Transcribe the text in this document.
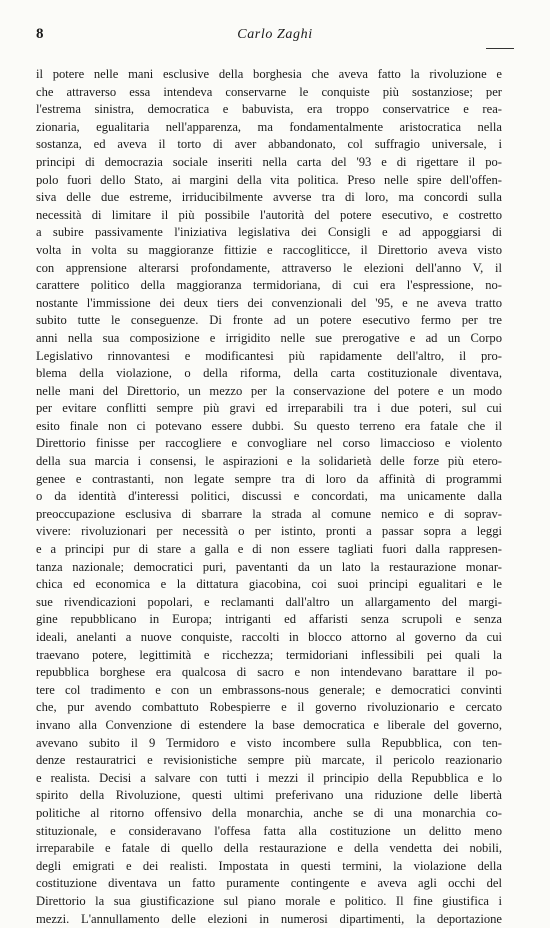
8	Carlo Zaghi
il potere nelle mani esclusive della borghesia che aveva fatto la rivoluzione e
che attraverso essa intendeva conservarne le conquiste più sostanziose; per
l'estrema sinistra, democratica e babuvista, era troppo conservatrice e rea-
zionaria, egualitaria nell'apparenza, ma fondamentalmente aristocratica nella
sostanza, ed aveva il torto di aver abbandonato, col suffragio universale, i
principi di democrazia sociale inseriti nella carta del '93 e di rigettare il po-
polo fuori dello Stato, ai margini della vita politica. Preso nelle spire dell'offen-
siva delle due estreme, irriducibilmente avverse tra di loro, ma concordi sulla
necessità di limitare il più possibile l'autorità del potere esecutivo, e costretto
a subire passivamente l'iniziativa legislativa dei Consigli e ad appoggiarsi di
volta in volta su maggioranze fittizie e raccogliticce, il Direttorio aveva visto
con apprensione alterarsi profondamente, attraverso le elezioni dell'anno V, il
carattere politico della maggioranza termidoriana, di cui era l'espressione, no-
nostante l'immissione dei deux tiers dei convenzionali del '95, e ne aveva tratto
subito tutte le conseguenze. Di fronte ad un potere esecutivo fermo per tre
anni nella sua composizione e irrigidito nelle sue prerogative e ad un Corpo
Legislativo rinnovantesi e modificantesi più rapidamente dell'altro, il pro-
blema della violazione, o della riforma, della carta costituzionale diventava,
nelle mani del Direttorio, un mezzo per la conservazione del potere e un modo
per evitare conflitti sempre più gravi ed irreparabili tra i due poteri, sul cui
esito finale non ci potevano essere dubbi. Su questo terreno era fatale che il
Direttorio finisse per raccogliere e convogliare nel corso limaccioso e violento
della sua marcia i consensi, le aspirazioni e la solidarietà delle forze più etero-
genee e contrastanti, non legate sempre tra di loro da affinità di programmi
o da identità d'interessi politici, discussi e concordati, ma unicamente dalla
preoccupazione esclusiva di sbarrare la strada al comune nemico e di soprav-
vivere: rivoluzionari per necessità o per istinto, pronti a passar sopra a leggi
e a principi pur di stare a galla e di non essere tagliati fuori dalla rappresen-
tanza nazionale; democratici puri, paventanti da un lato la restaurazione monar-
chica ed economica e la dittatura giacobina, coi suoi principi egualitari e le
sue rivendicazioni popolari, e reclamanti dall'altro un allargamento del margi-
gine repubblicano in Europa; intriganti ed affaristi senza scrupoli e senza
ideali, anelanti a nuove conquiste, raccolti in blocco attorno al governo da cui
traevano potere, legittimità e ricchezza; termidoriani inflessibili pei quali la
repubblica borghese era qualcosa di sacro e non intendevano barattare il po-
tere col tradimento e con un embrassons-nous generale; e democratici convinti
che, pur avendo combattuto Robespierre e il governo rivoluzionario e cercato
invano alla Convenzione di estendere la base democratica e liberale del governo,
avevano subito il 9 Termidoro e visto incombere sulla Repubblica, con ten-
denze restauratrici e revisionistiche sempre più marcate, il pericolo reazionario
e realista. Decisi a salvare con tutti i mezzi il principio della Repubblica e lo
spirito della Rivoluzione, questi ultimi preferivano una riduzione delle libertà
politiche al ritorno offensivo della monarchia, anche se di una monarchia co-
stituzionale, e consideravano l'offesa fatta alla costituzione un delitto meno
irreparabile e fatale di quello della restaurazione e della vendetta dei nobili,
degli emigrati e dei realisti. Impostata in questi termini, la violazione della
costituzione diventava un fatto puramente contingente e aveva agli occhi del
Direttorio la sua giustificazione sul piano morale e politico. Il fine giustifica i
mezzi. L'annullamento delle elezioni in numerosi dipartimenti, la deportazione
